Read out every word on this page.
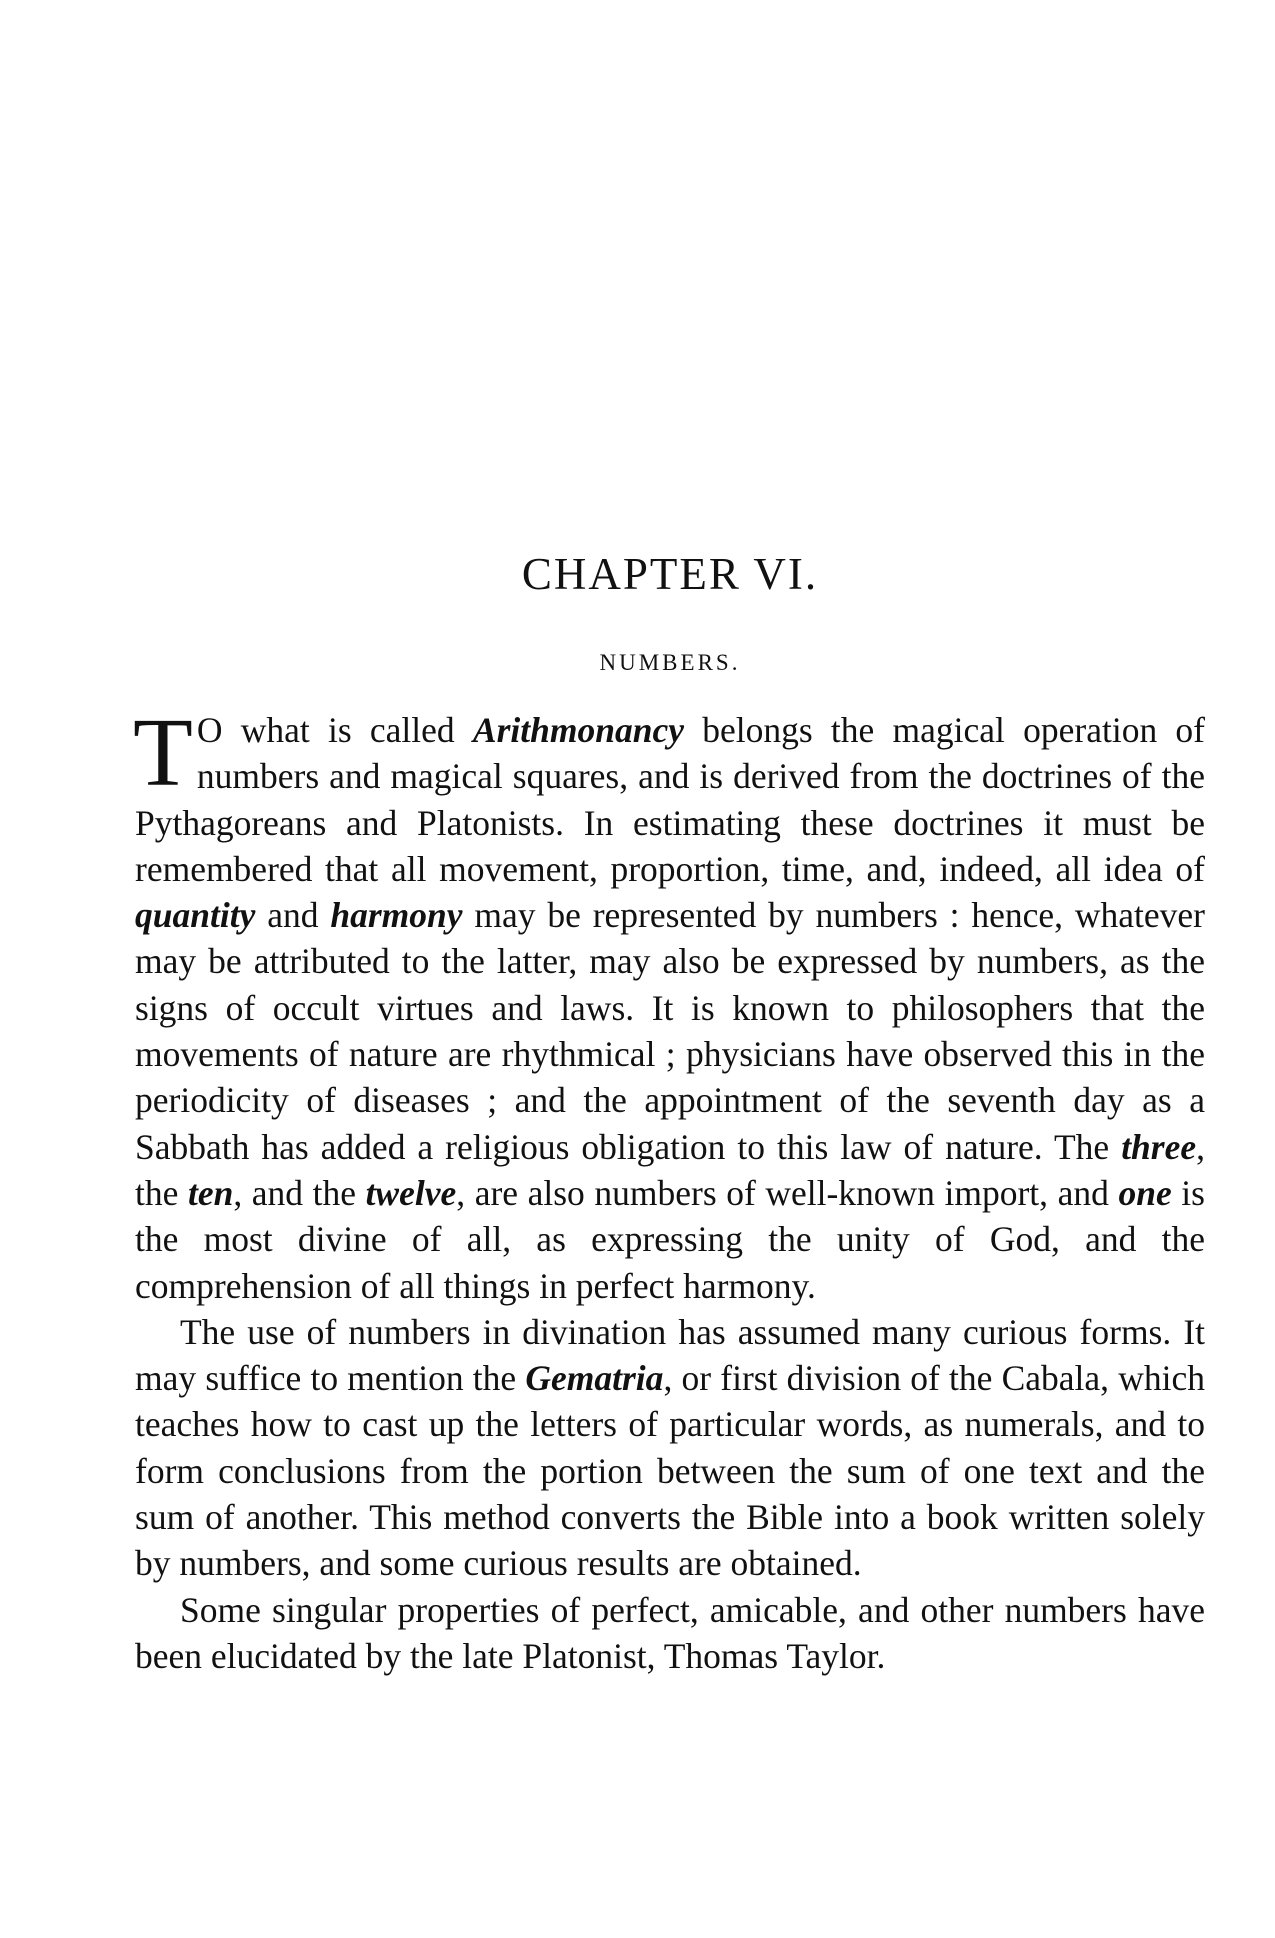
CHAPTER VI.
NUMBERS.

T O what is called Arithmonancy belongs the magical operation of numbers and magical squares, and is derived from the doctrines of the Pythagoreans and Platonists. In estimating these doctrines it must be remembered that all movement, proportion, time, and, indeed, all idea of quantity and harmony may be represented by numbers : hence, whatever may be attributed to the latter, may also be expressed by numbers, as the signs of occult virtues and laws. It is known to philosophers that the movements of nature are rhythmical ; physicians have observed this in the periodicity of diseases ; and the appointment of the seventh day as a Sabbath has added a religious obligation to this law of nature. The three, the ten, and the twelve, are also numbers of well-known import, and one is the most divine of all, as expressing the unity of God, and the comprehension of all things in perfect harmony.

The use of numbers in divination has assumed many curious forms. It may suffice to mention the Gematria, or first division of the Cabala, which teaches how to cast up the letters of particular words, as numerals, and to form conclusions from the portion between the sum of one text and the sum of another. This method converts the Bible into a book written solely by numbers, and some curious results are obtained.

Some singular properties of perfect, amicable, and other numbers have been elucidated by the late Platonist, Thomas Taylor.
